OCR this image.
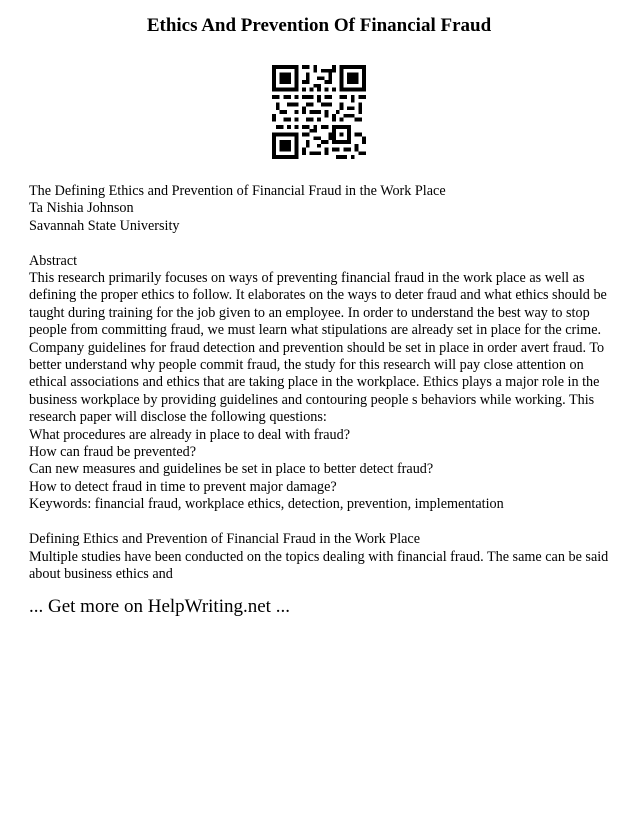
Ethics And Prevention Of Financial Fraud
The Defining Ethics and Prevention of Financial Fraud in the Work Place
Ta Nishia Johnson
Savannah State University
Abstract
This research primarily focuses on ways of preventing financial fraud in the work place as well as
defining the proper ethics to follow. It elaborates on the ways to deter fraud and what ethics should be
taught during training for the job given to an employee. In order to understand the best way to stop
people from committing fraud, we must learn what stipulations are already set in place for the crime.
Company guidelines for fraud detection and prevention should be set in place in order avert fraud. To
better understand why people commit fraud, the study for this research will pay close attention on
ethical associations and ethics that are taking place in the workplace. Ethics plays a major role in the
business workplace by providing guidelines and contouring people s behaviors while working. This
research paper will disclose the following questions:
What procedures are already in place to deal with fraud?
How can fraud be prevented?
Can new measures and guidelines be set in place to better detect fraud?
How to detect fraud in time to prevent major damage?
Keywords: financial fraud, workplace ethics, detection, prevention, implementation
Defining Ethics and Prevention of Financial Fraud in the Work Place
Multiple studies have been conducted on the topics dealing with financial fraud. The same can be said
about business ethics and
... Get more on HelpWriting.net ...
